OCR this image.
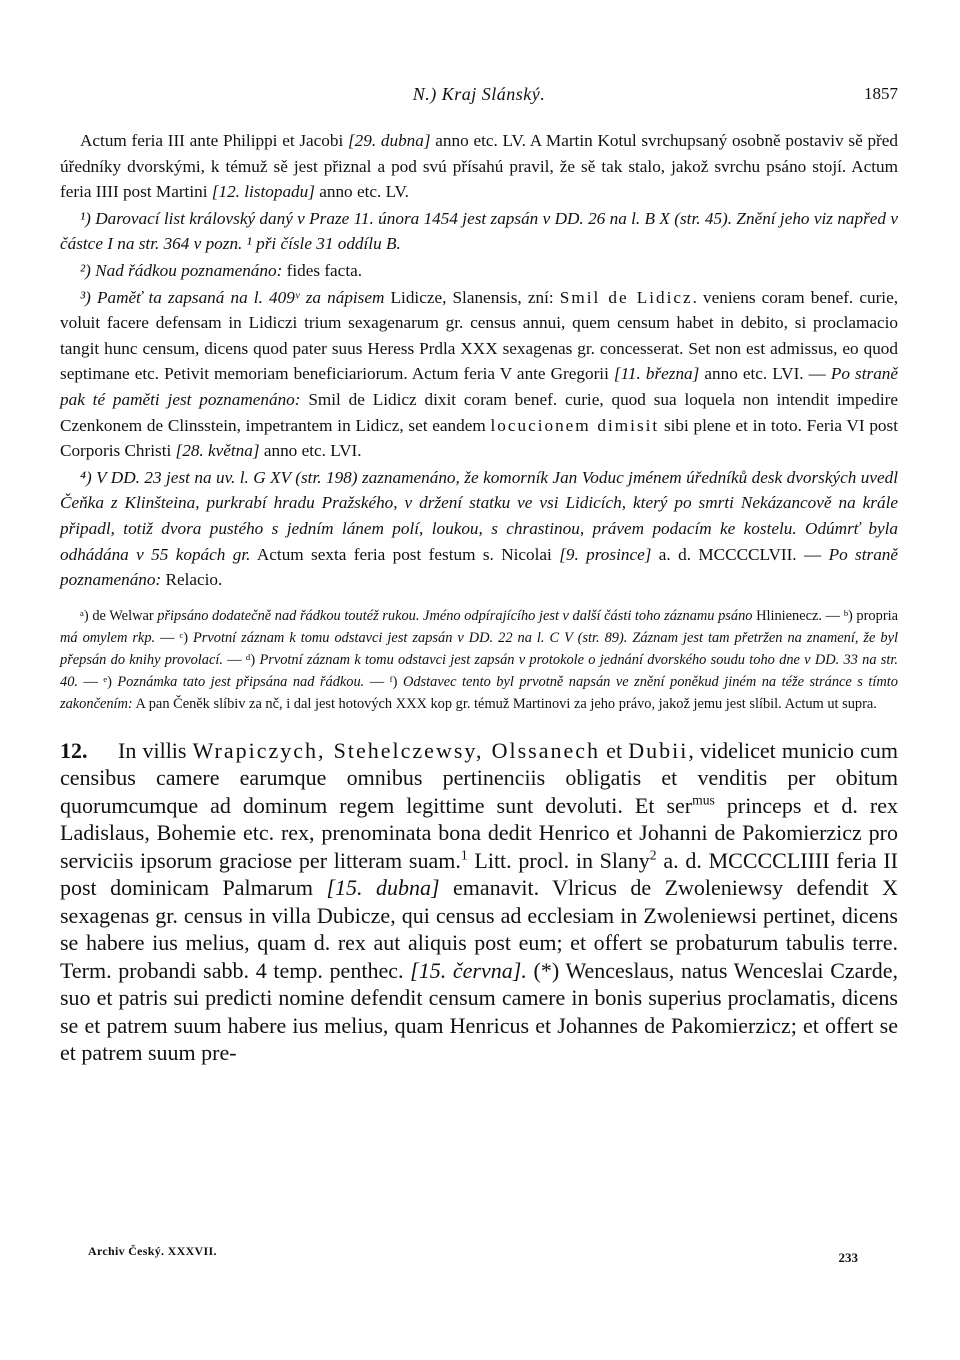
N.) Kraj Slánský.	1857

Actum feria III ante Philippi et Jacobi [29. dubna] anno etc. LV. A Martin Kotul svrchupsaný osobně postaviv sě před úředníky dvorskými, k témuž sě jest přiznal a pod svú přísahú pravil, že sě tak stalo, jakož svrchu psáno stojí. Actum feria IIII post Martini [12. listopadu] anno etc. LV.

¹) Darovací list královský daný v Praze 11. února 1454 jest zapsán v DD. 26 na l. B X (str. 45). Znění jeho viz napřed v částce I na str. 364 v pozn. ¹ při čísle 31 oddílu B.

²) Nad řádkou poznamenáno: fides facta.

³) Paměť ta zapsaná na l. 409ᵛ za nápisem Lidicze, Slanensis, zní: Smil de Lidicz. veniens coram benef. curie, voluit facere defensam in Lidiczi trium sexagenarum gr. census annui, quem censum habet in debito, si proclamacio tangit hunc censum, dicens quod pater suus Heress Prdla XXX sexagenas gr. concesserat. Set non est admissus, eo quod septimane etc. Petivit memoriam beneficiariorum. Actum feria V ante Gregorii [11. března] anno etc. LVI. — Po straně pak té paměti jest poznamenáno: Smil de Lidicz dixit coram benef. curie, quod sua loquela non intendit impedire Czenkonem de Clinsstein, impetrantem in Lidicz, set eandem locucionem dimisit sibi plene et in toto. Feria VI post Corporis Christi [28. května] anno etc. LVI.

⁴) V DD. 23 jest na uv. l. G XV (str. 198) zaznamenáno, že komorník Jan Voduc jménem úředníků desk dvorských uvedl Čeňka z Klinšteina, purkrabí hradu Pražského, v držení statku ve vsi Lidicích, který po smrti Nekázancově na krále připadl, totiž dvora pustého s jedním lánem polí, loukou, s chrastinou, právem podacím ke kostelu. Odúmrť byla odhádána v 55 kopách gr. Actum sexta feria post festum s. Nicolai [9. prosince] a. d. MCCCCLVII. — Po straně poznamenáno: Relacio.

ᵃ) de Welwar připsáno dodatečně nad řádkou toutéž rukou. Jméno odpírajícího jest v další části toho záznamu psáno Hlinienecz. — ᵇ) propria má omylem rkp. — ᶜ) Prvotní záznam k tomu odstavci jest zapsán v DD. 22 na l. C V (str. 89). Záznam jest tam přetržen na znamení, že byl přepsán do knihy provolací. — ᵈ) Prvotní záznam k tomu odstavci jest zapsán v protokole o jednání dvorského soudu toho dne v DD. 33 na str. 40. — ᵉ) Poznámka tato jest připsána nad řádkou. — ᶠ) Odstavec tento byl prvotně napsán ve znění poněkud jiném na téže stránce s tímto zakončením: A pan Čeněk slíbiv za nč, i dal jest hotových XXX kop gr. témuž Martinovi za jeho právo, jakož jemu jest slíbil. Actum ut supra.

12. In villis Wrapiczych, Stehelczewsy, Olssanech et Dubii, videlicet municio cum censibus camere earumque omnibus pertinenciis obligatis et venditis per obitum quorumcumque ad dominum regem legittime sunt devoluti. Et ser$^{mus}$ princeps et d. rex Ladislaus, Bohemie etc. rex, prenominata bona dedit Henrico et Johanni de Pakomierzicz pro serviciis ipsorum graciose per litteram suam.$^1$ Litt. procl. in Slany$^2$ a. d. MCCCCLIIII feria II post dominicam Palmarum [15. dubna] emanavit. Vlricus de Zwoleniewsy defendit X sexagenas gr. census in villa Dubicze, qui census ad ecclesiam in Zwoleniewsi pertinet, dicens se habere ius melius, quam d. rex aut aliquis post eum; et offert se probaturum tabulis terre. Term. probandi sabb. 4 temp. penthec. [15. června]. (*) Wenceslaus, natus Wenceslai Czarde, suo et patris sui predicti nomine defendit censum camere in bonis superius proclamatis, dicens se et patrem suum habere ius melius, quam Henricus et Johannes de Pakomierzicz; et offert se et patrem suum pre-

Archiv Český. XXXVII.	233
